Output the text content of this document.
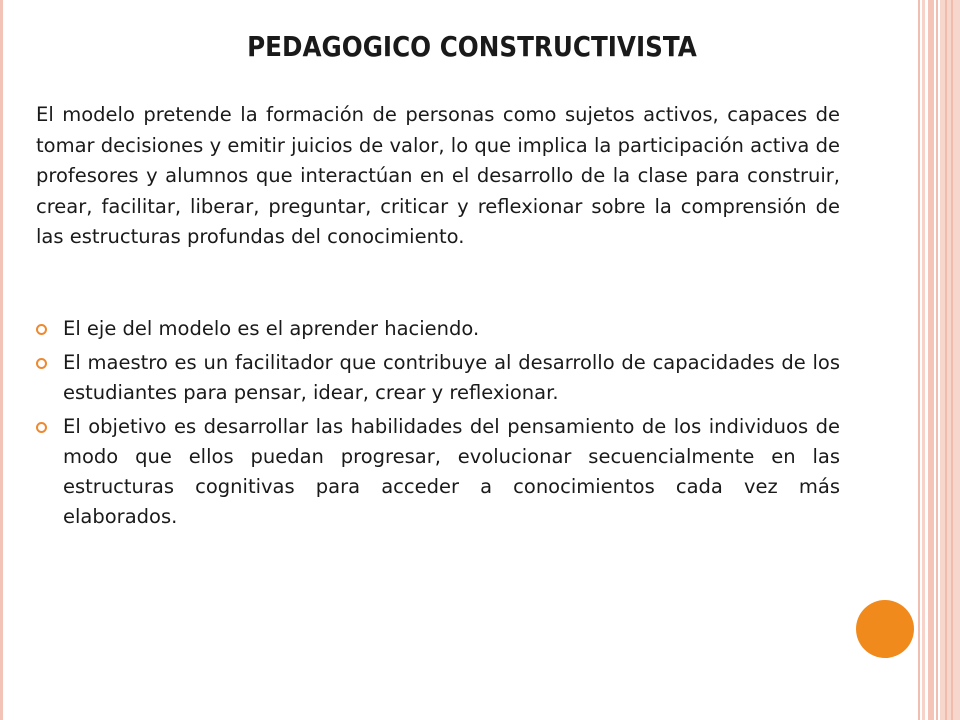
PEDAGOGICO CONSTRUCTIVISTA

El modelo pretende la formación de personas como sujetos activos, capaces de tomar decisiones y emitir juicios de valor, lo que implica la participación activa de profesores y alumnos que interactúan en el desarrollo de la clase para construir, crear, facilitar, liberar, preguntar, criticar y reflexionar sobre la comprensión de las estructuras profundas del conocimiento.

El eje del modelo es el aprender haciendo.
El maestro es un facilitador que contribuye al desarrollo de capacidades de los estudiantes para pensar, idear, crear y reflexionar.
El objetivo es desarrollar las habilidades del pensamiento de los individuos de modo que ellos puedan progresar, evolucionar secuencialmente en las estructuras cognitivas para acceder a conocimientos cada vez más elaborados.
